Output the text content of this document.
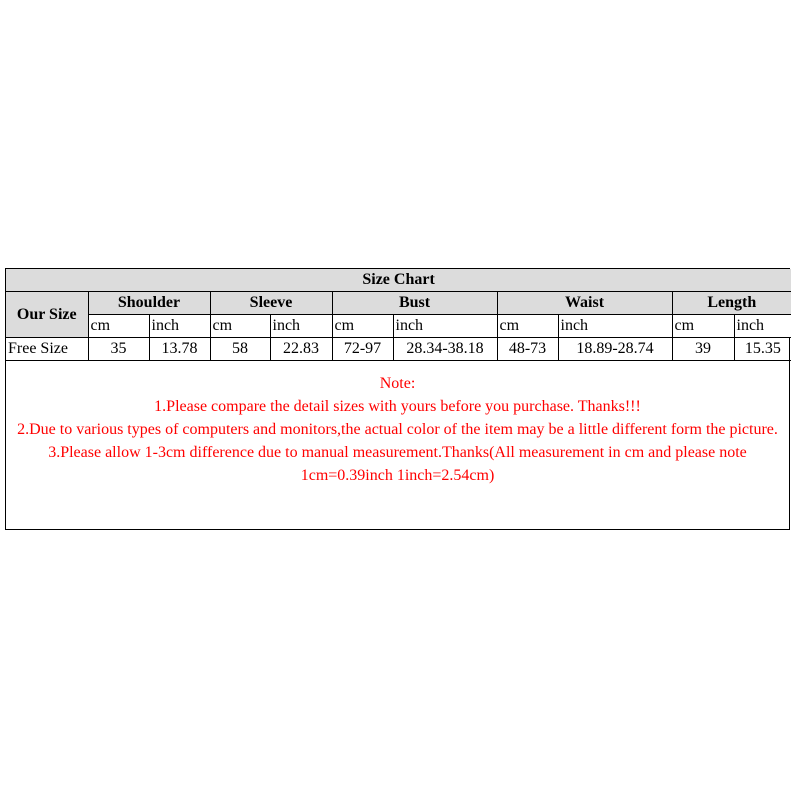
Size Chart										
Our Size	Shoulder		Sleeve		Bust		Waist		Length	
	cm	inch	cm	inch	cm	inch	cm	inch	cm	inch
Free Size	35	13.78	58	22.83	72-97	28.34-38.18	48-73	18.89-28.74	39	15.35
Note:
1.Please compare the detail sizes with yours before you purchase. Thanks!!!
2.Due to various types of computers and monitors,the actual color of the item may be a little different form the picture.
3.Please allow 1-3cm difference due to manual measurement.Thanks(All measurement in cm and please note 1cm=0.39inch 1inch=2.54cm)
